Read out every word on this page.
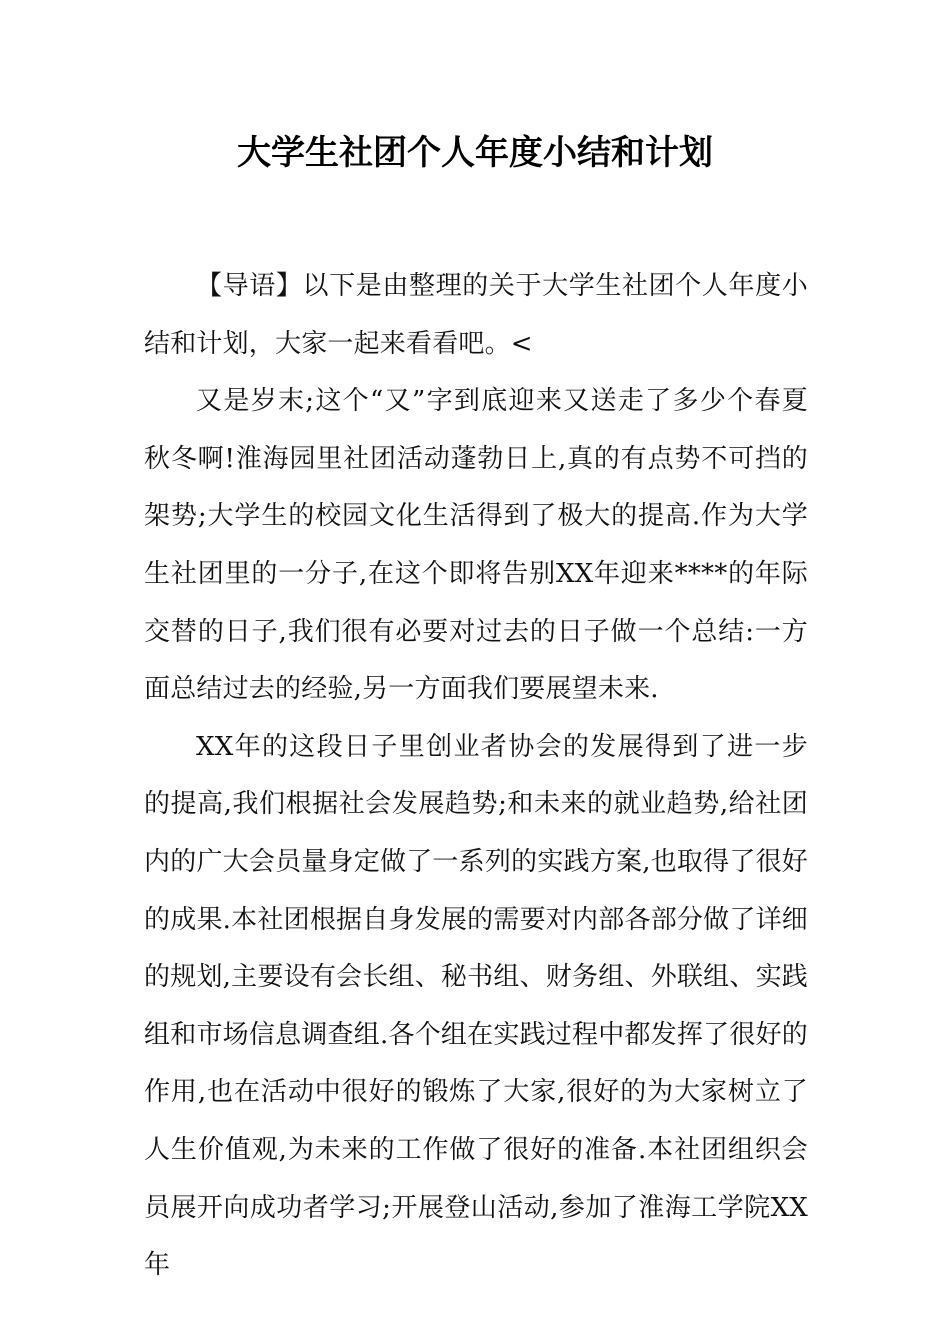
大学生社团个人年度小结和计划

【导语】以下是由整理的关于大学生社团个人年度小结和计划，大家一起来看看吧。<

又是岁末;这个“又”字到底迎来又送走了多少个春夏秋冬啊!淮海园里社团活动蓬勃日上,真的有点势不可挡的架势;大学生的校园文化生活得到了极大的提高.作为大学生社团里的一分子,在这个即将告别XX年迎来****的年际交替的日子,我们很有必要对过去的日子做一个总结:一方面总结过去的经验,另一方面我们要展望未来.

XX年的这段日子里创业者协会的发展得到了进一步的提高,我们根据社会发展趋势;和未来的就业趋势,给社团内的广大会员量身定做了一系列的实践方案,也取得了很好的成果.本社团根据自身发展的需要对内部各部分做了详细的规划,主要设有会长组、秘书组、财务组、外联组、实践组和市场信息调查组.各个组在实践过程中都发挥了很好的作用,也在活动中很好的锻炼了大家,很好的为大家树立了人生价值观,为未来的工作做了很好的准备.本社团组织会员展开向成功者学习;开展登山活动,参加了淮海工学院XX年
